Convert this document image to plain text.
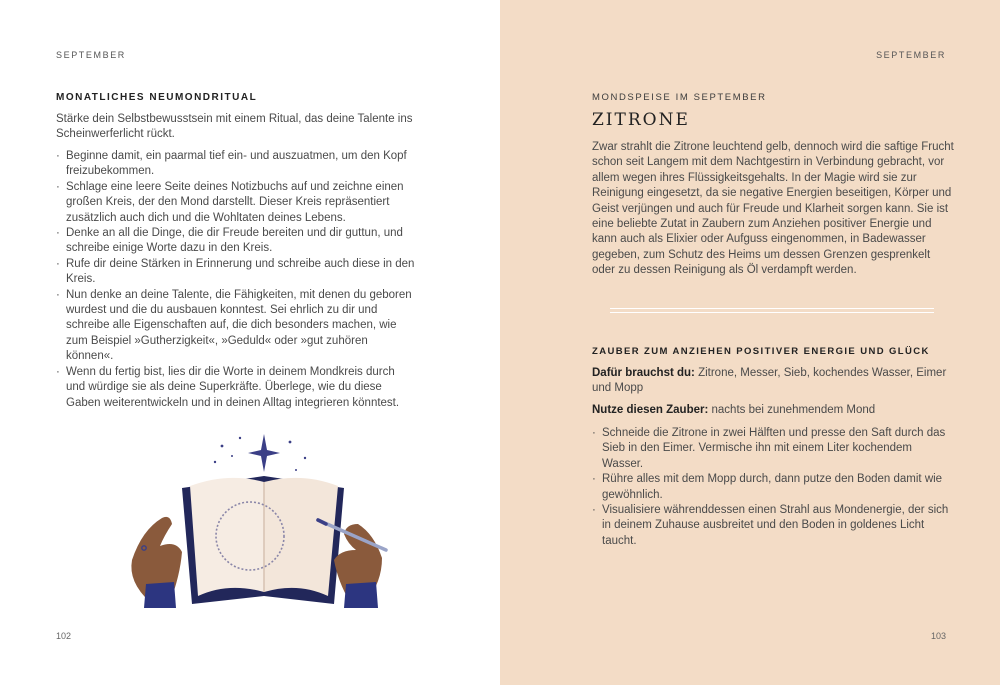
SEPTEMBER
MONATLICHES NEUMONDRITUAL

Stärke dein Selbstbewusstsein mit einem Ritual, das deine Talente ins Scheinwerferlicht rückt.

· Beginne damit, ein paarmal tief ein- und auszuatmen, um den Kopf freizubekommen.
· Schlage eine leere Seite deines Notizbuchs auf und zeichne einen großen Kreis, der den Mond darstellt. Dieser Kreis repräsentiert zusätzlich auch dich und die Wohltaten deines Lebens.
· Denke an all die Dinge, die dir Freude bereiten und dir guttun, und schreibe einige Worte dazu in den Kreis.
· Rufe dir deine Stärken in Erinnerung und schreibe auch diese in den Kreis.
· Nun denke an deine Talente, die Fähigkeiten, mit denen du geboren wurdest und die du ausbauen konntest. Sei ehrlich zu dir und schreibe alle Eigenschaften auf, die dich besonders machen, wie zum Beispiel »Gutherzigkeit«, »Geduld« oder »gut zuhören können«.
· Wenn du fertig bist, lies dir die Worte in deinem Mondkreis durch und würdige sie als deine Superkräfte. Überlege, wie du diese Gaben weiterentwickeln und in deinen Alltag integrieren könntest.
102
SEPTEMBER
MONDSPEISE IM SEPTEMBER
ZITRONE

Zwar strahlt die Zitrone leuchtend gelb, dennoch wird die saftige Frucht schon seit Langem mit dem Nachtgestirn in Verbindung gebracht, vor allem wegen ihres Flüssigkeitsgehalts. In der Magie wird sie zur Reinigung eingesetzt, da sie negative Energien beseitigen, Körper und Geist verjüngen und auch für Freude und Klarheit sorgen kann. Sie ist eine beliebte Zutat in Zaubern zum Anziehen positiver Energie und kann auch als Elixier oder Aufguss eingenommen, in Badewasser gegeben, zum Schutz des Heims um dessen Grenzen gesprenkelt oder zu dessen Reinigung als Öl verdampft werden.

ZAUBER ZUM ANZIEHEN POSITIVER ENERGIE UND GLÜCK

Dafür brauchst du: Zitrone, Messer, Sieb, kochendes Wasser, Eimer und Mopp

Nutze diesen Zauber: nachts bei zunehmendem Mond

· Schneide die Zitrone in zwei Hälften und presse den Saft durch das Sieb in den Eimer. Vermische ihn mit einem Liter kochendem Wasser.
· Rühre alles mit dem Mopp durch, dann putze den Boden damit wie gewöhnlich.
· Visualisiere währenddessen einen Strahl aus Mondenergie, der sich in deinem Zuhause ausbreitet und den Boden in goldenes Licht taucht.
103
